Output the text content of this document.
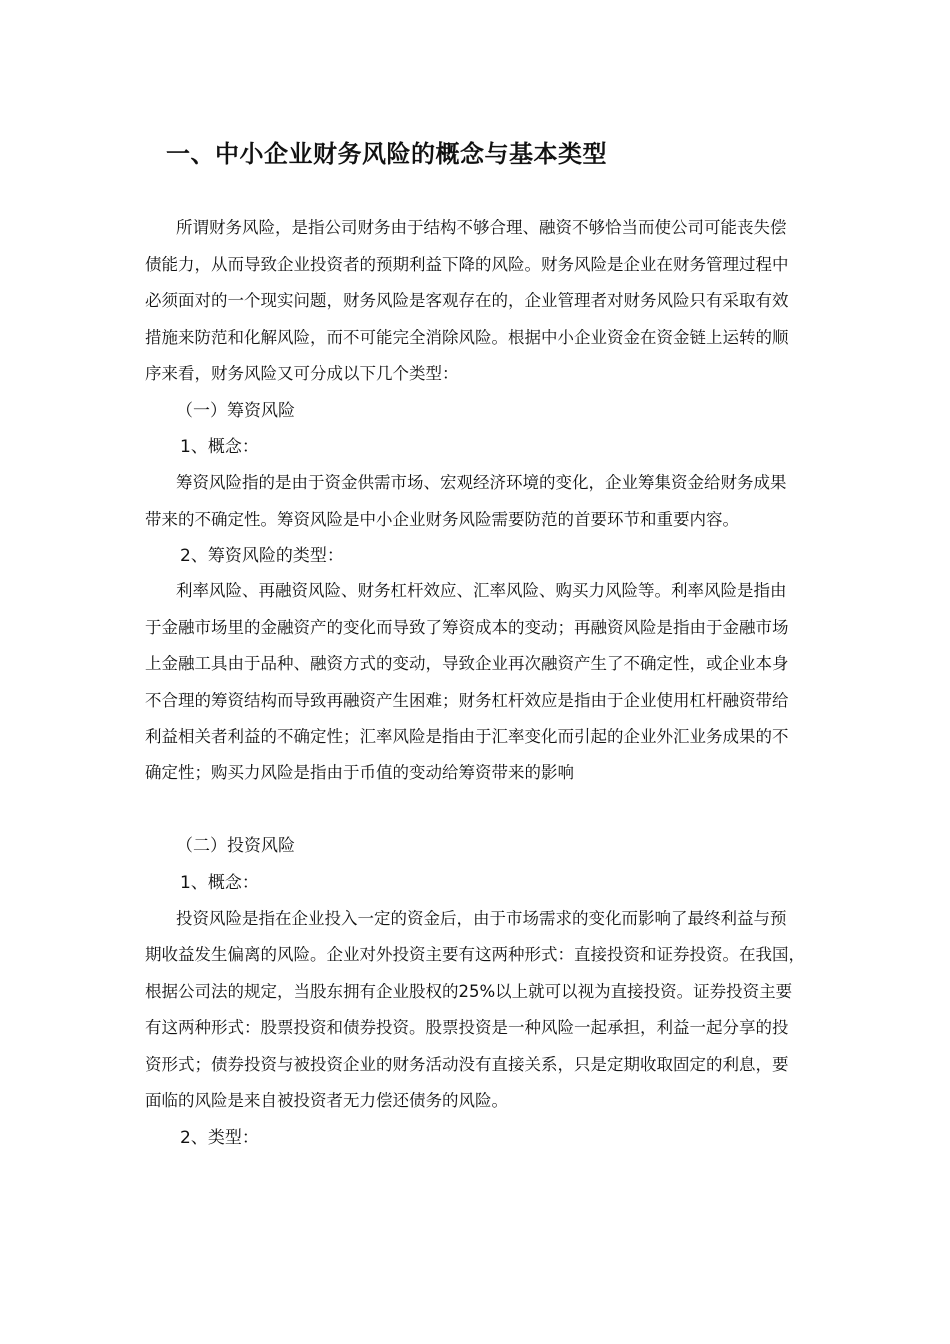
一、中小企业财务风险的概念与基本类型

所谓财务风险，是指公司财务由于结构不够合理、融资不够恰当而使公司可能丧失偿

债能力，从而导致企业投资者的预期利益下降的风险。财务风险是企业在财务管理过程中

必须面对的一个现实问题，财务风险是客观存在的，企业管理者对财务风险只有采取有效

措施来防范和化解风险，而不可能完全消除风险。根据中小企业资金在资金链上运转的顺

序来看，财务风险又可分成以下几个类型：

（一）筹资风险

1、概念：

筹资风险指的是由于资金供需市场、宏观经济环境的变化，企业筹集资金给财务成果

带来的不确定性。筹资风险是中小企业财务风险需要防范的首要环节和重要内容。

2、筹资风险的类型：

利率风险、再融资风险、财务杠杆效应、汇率风险、购买力风险等。利率风险是指由

于金融市场里的金融资产的变化而导致了筹资成本的变动；再融资风险是指由于金融市场

上金融工具由于品种、融资方式的变动，导致企业再次融资产生了不确定性，或企业本身

不合理的筹资结构而导致再融资产生困难；财务杠杆效应是指由于企业使用杠杆融资带给

利益相关者利益的不确定性；汇率风险是指由于汇率变化而引起的企业外汇业务成果的不

确定性；购买力风险是指由于币值的变动给筹资带来的影响

（二）投资风险

1、概念：

投资风险是指在企业投入一定的资金后，由于市场需求的变化而影响了最终利益与预

期收益发生偏离的风险。企业对外投资主要有这两种形式：直接投资和证券投资。在我国，

根据公司法的规定，当股东拥有企业股权的25%以上就可以视为直接投资。证券投资主要

有这两种形式：股票投资和债券投资。股票投资是一种风险一起承担，利益一起分享的投

资形式；债券投资与被投资企业的财务活动没有直接关系，只是定期收取固定的利息，要

面临的风险是来自被投资者无力偿还债务的风险。

2、类型：
